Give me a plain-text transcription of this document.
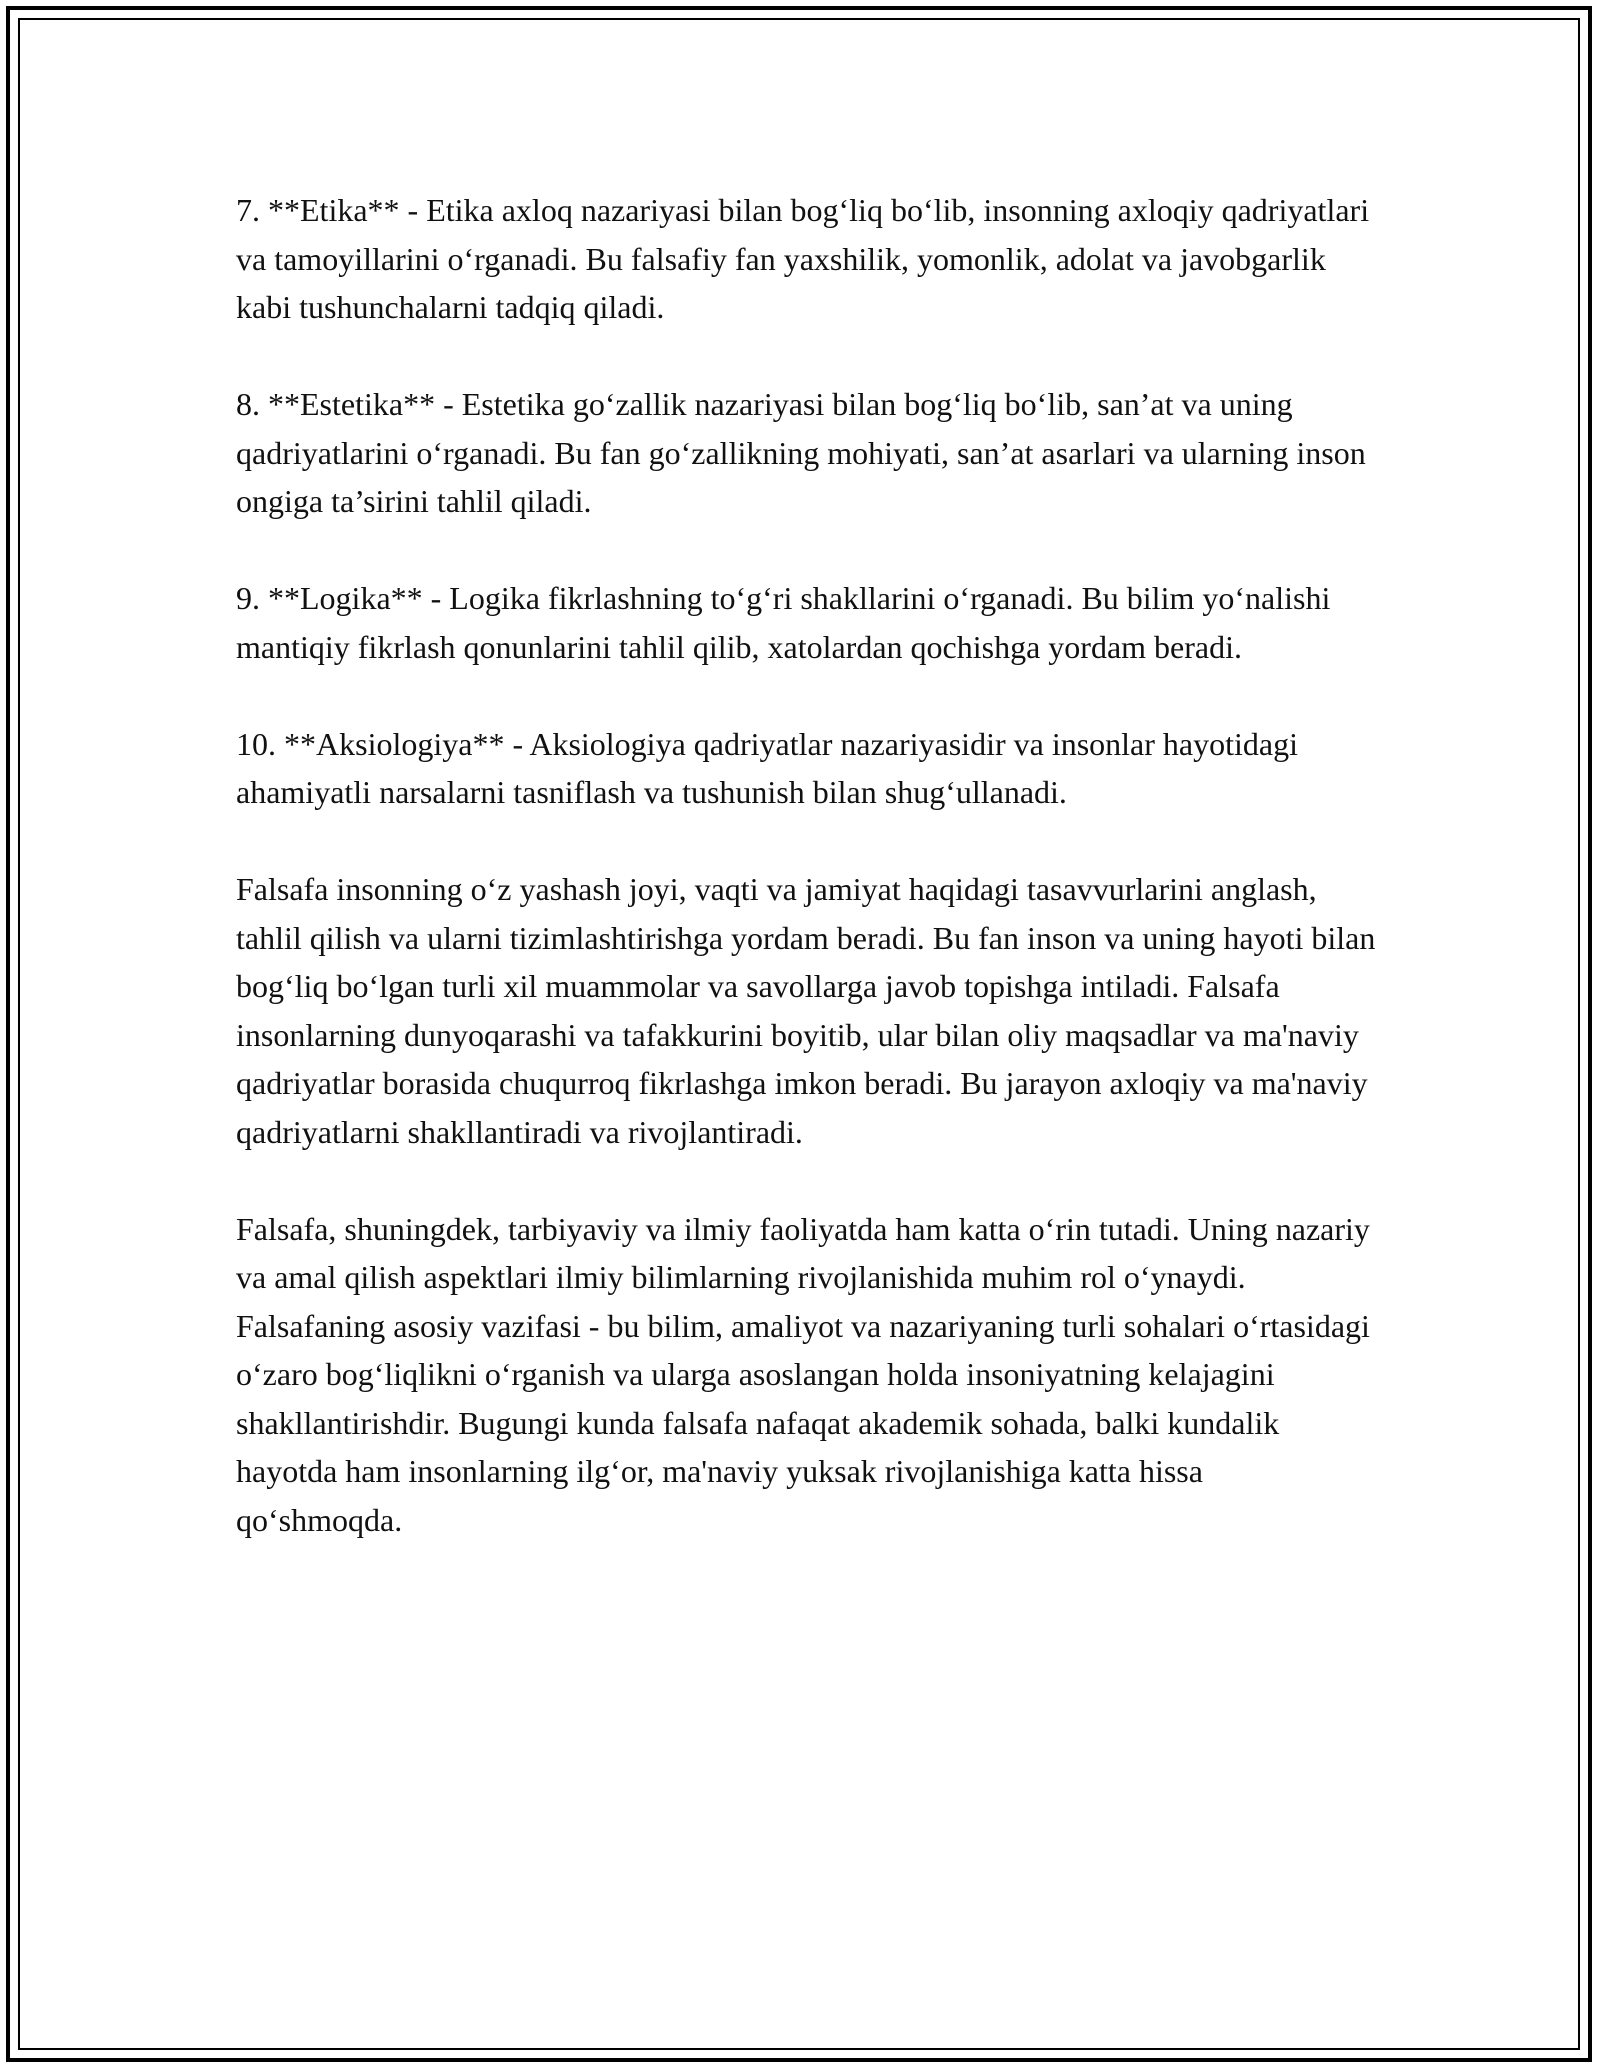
7. **Etika** - Etika axloq nazariyasi bilan bog‘liq bo‘lib, insonning axloqiy qadriyatlari va tamoyillarini o‘rganadi. Bu falsafiy fan yaxshilik, yomonlik, adolat va javobgarlik kabi tushunchalarni tadqiq qiladi.

8. **Estetika** - Estetika go‘zallik nazariyasi bilan bog‘liq bo‘lib, san’at va uning qadriyatlarini o‘rganadi. Bu fan go‘zallikning mohiyati, san’at asarlari va ularning inson ongiga ta’sirini tahlil qiladi.

9. **Logika** - Logika fikrlashning to‘g‘ri shakllarini o‘rganadi. Bu bilim yo‘nalishi mantiqiy fikrlash qonunlarini tahlil qilib, xatolardan qochishga yordam beradi.

10. **Aksiologiya** - Aksiologiya qadriyatlar nazariyasidir va insonlar hayotidagi ahamiyatli narsalarni tasniflash va tushunish bilan shug‘ullanadi.

Falsafa insonning o‘z yashash joyi, vaqti va jamiyat haqidagi tasavvurlarini anglash, tahlil qilish va ularni tizimlashtirishga yordam beradi. Bu fan inson va uning hayoti bilan bog‘liq bo‘lgan turli xil muammolar va savollarga javob topishga intiladi. Falsafa insonlarning dunyoqarashi va tafakkurini boyitib, ular bilan oliy maqsadlar va ma'naviy qadriyatlar borasida chuqurroq fikrlashga imkon beradi. Bu jarayon axloqiy va ma'naviy qadriyatlarni shakllantiradi va rivojlantiradi.

Falsafa, shuningdek, tarbiyaviy va ilmiy faoliyatda ham katta o‘rin tutadi. Uning nazariy va amal qilish aspektlari ilmiy bilimlarning rivojlanishida muhim rol o‘ynaydi. Falsafaning asosiy vazifasi - bu bilim, amaliyot va nazariyaning turli sohalari o‘rtasidagi o‘zaro bog‘liqlikni o‘rganish va ularga asoslangan holda insoniyatning kelajagini shakllantirishdir. Bugungi kunda falsafa nafaqat akademik sohada, balki kundalik hayotda ham insonlarning ilg‘or, ma'naviy yuksak rivojlanishiga katta hissa qo‘shmoqda.
